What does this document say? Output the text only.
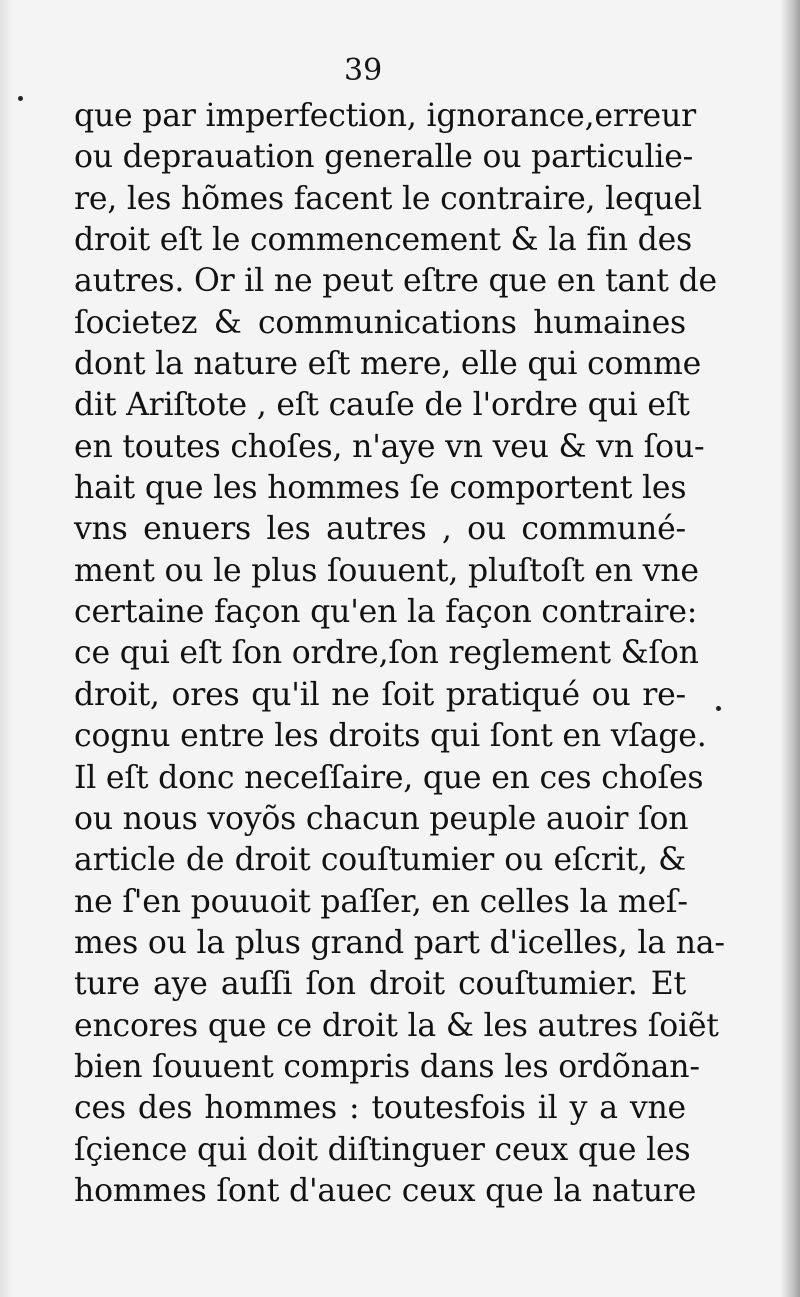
39
que par imperfection, ignorance,erreur
ou deprauation generalle ou particulie-
re, les hõmes facent le contraire, lequel
droit eſt le commencement & la fin des
autres. Or il ne peut eſtre que en tant de
ſocietez & communications humaines
dont la nature eſt mere, elle qui comme
dit Ariſtote , eſt cauſe de l'ordre qui eſt
en toutes choſes, n'aye vn veu & vn ſou-
hait que les hommes ſe comportent les
vns enuers les autres , ou communé-
ment ou le plus ſouuent, pluſtoſt en vne
certaine façon qu'en la façon contraire:
ce qui eſt ſon ordre,ſon reglement &ſon
droit, ores qu'il ne ſoit pratiqué ou re-
cognu entre les droits qui ſont en vſage.
Il eſt donc neceſſaire, que en ces choſes
ou nous voyõs chacun peuple auoir ſon
article de droit couſtumier ou eſcrit, &
ne ſ'en pouuoit paſſer, en celles la meſ-
mes ou la plus grand part d'icelles, la na-
ture aye auſſi ſon droit couſtumier. Et
encores que ce droit la & les autres ſoiẽt
bien ſouuent compris dans les ordõnan-
ces des hommes : toutesfois il y a vne
ſçience qui doit diſtinguer ceux que les
hommes ſont d'auec ceux que la nature
